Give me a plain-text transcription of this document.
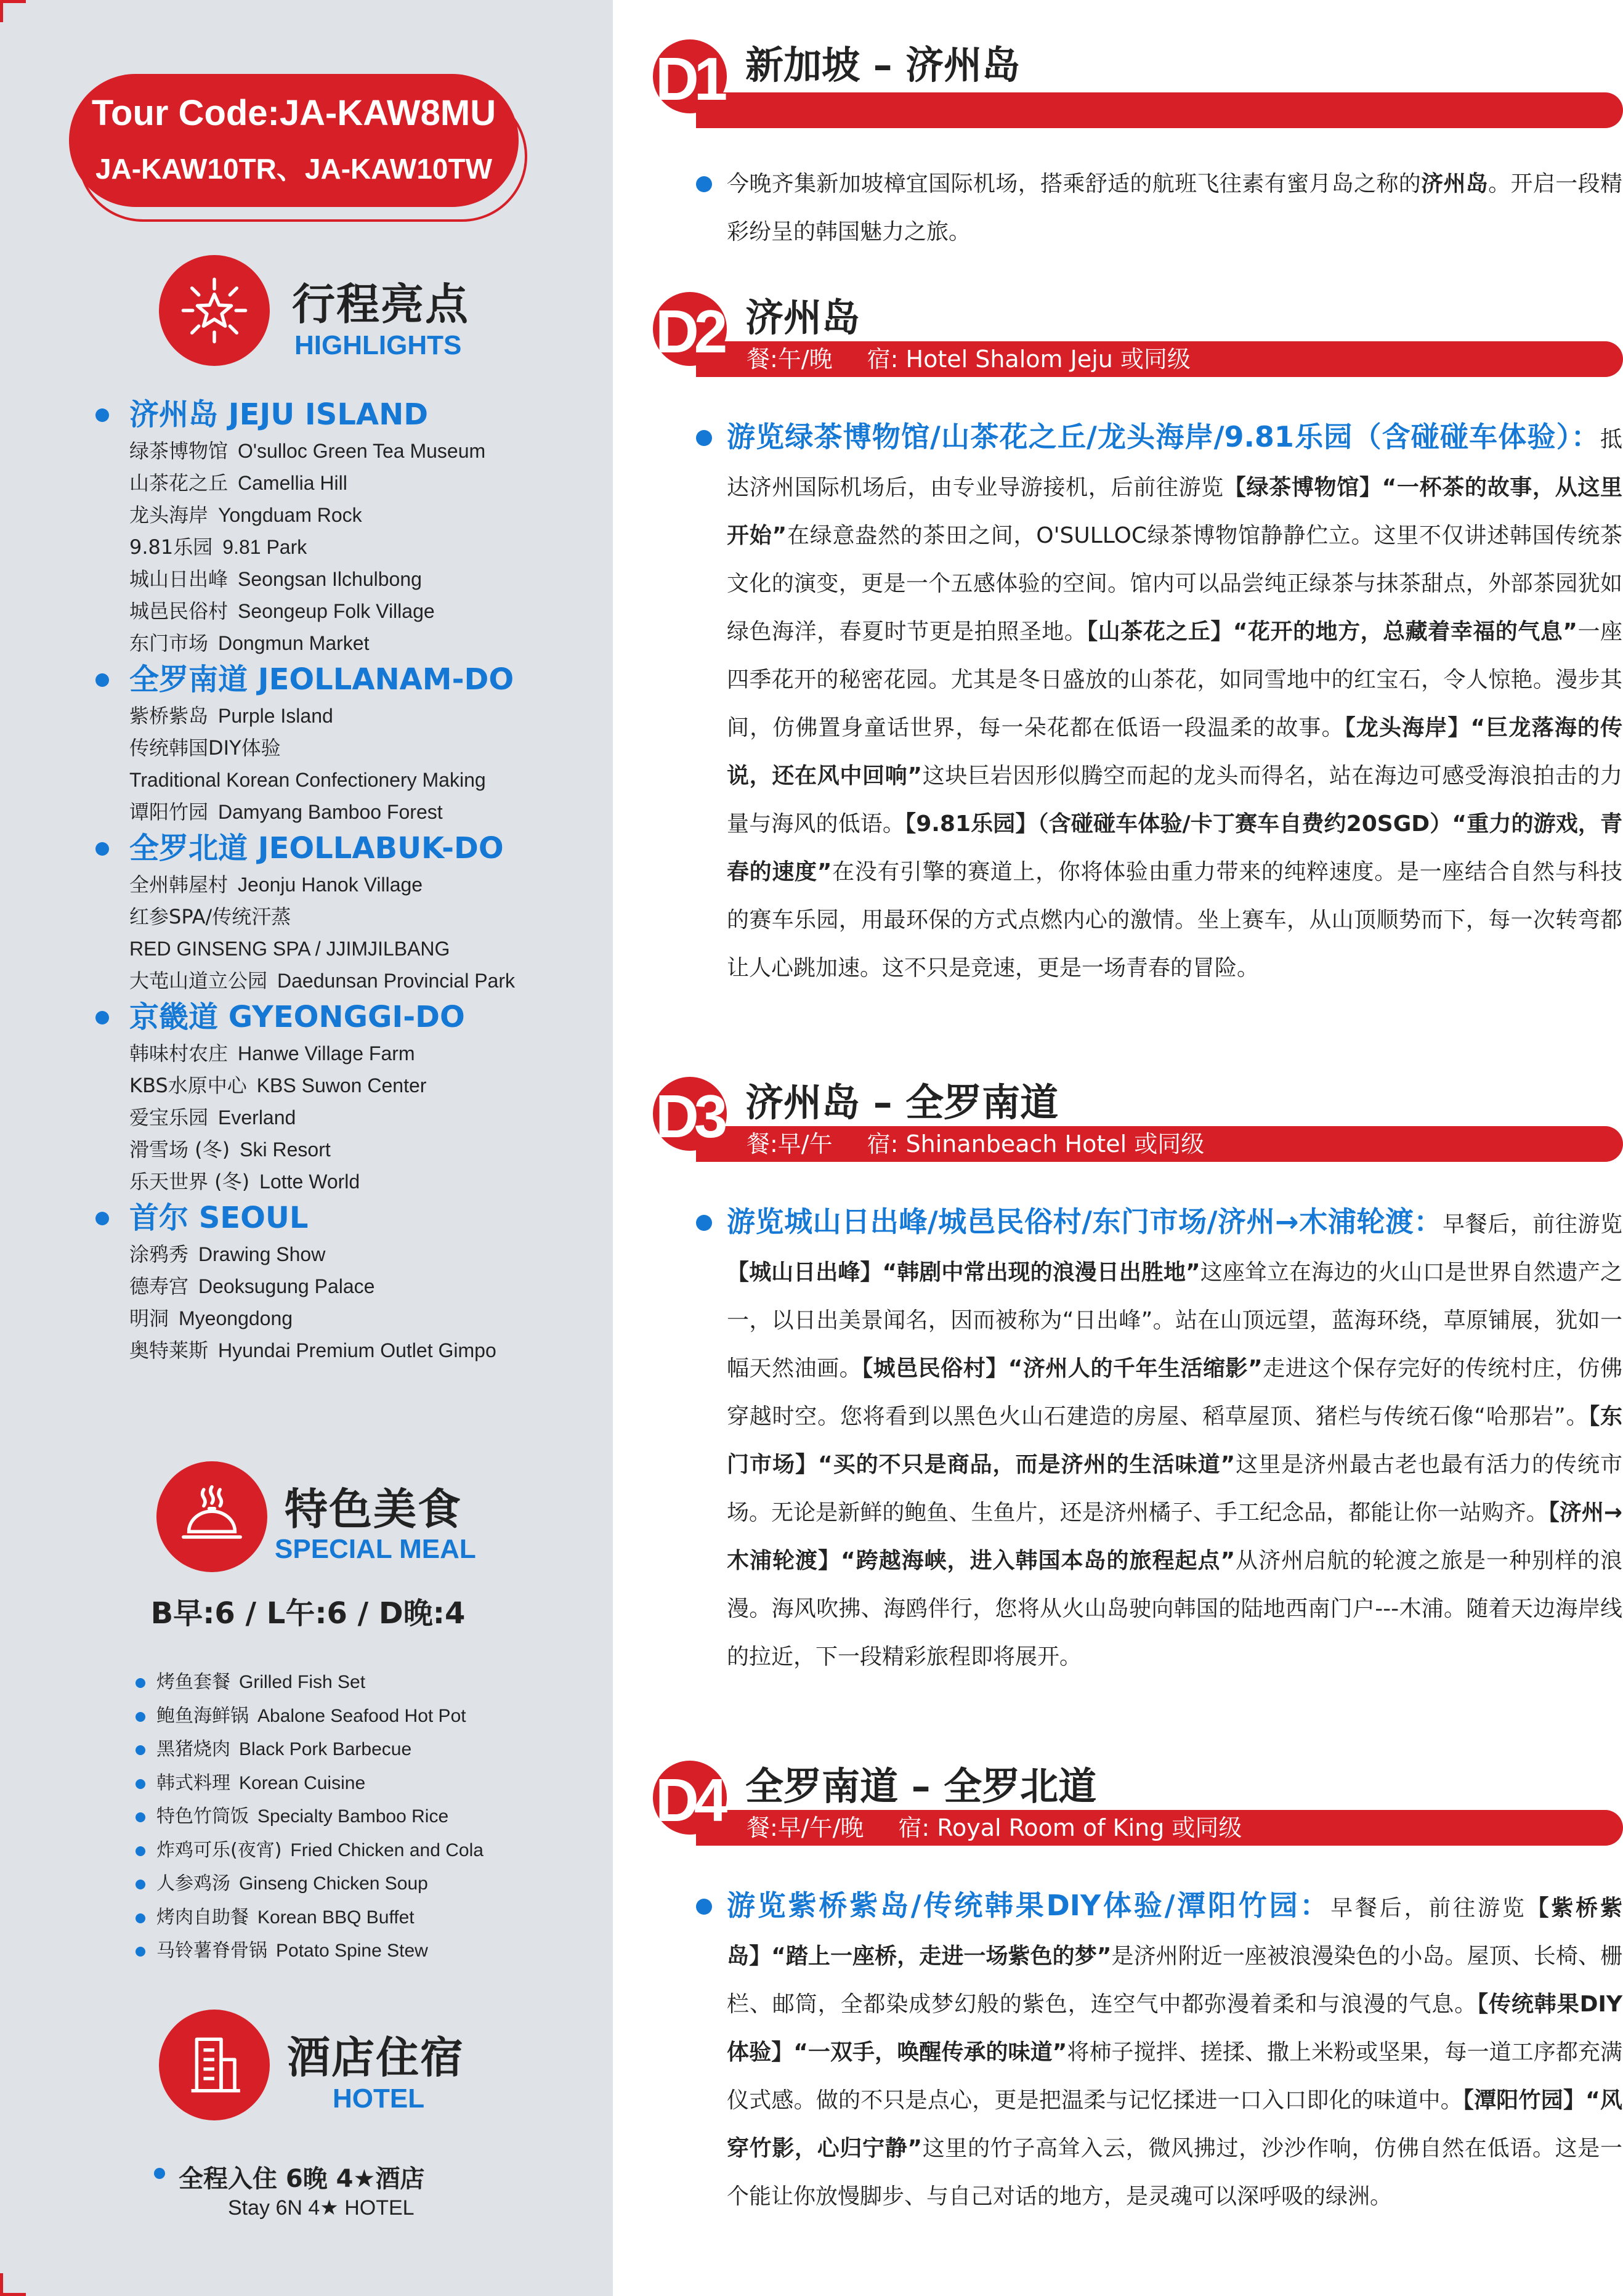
Tour Code:JA-KAW8MU
JA-KAW10TR、JA-KAW10TW
行程亮点
HIGHLIGHTS
济州岛 JEJU ISLAND
绿茶博物馆 O'sulloc Green Tea Museum
山茶花之丘 Camellia Hill
龙头海岸 Yongduam Rock
9.81乐园 9.81 Park
城山日出峰 Seongsan Ilchulbong
城邑民俗村 Seongeup Folk Village
东门市场 Dongmun Market
全罗南道 JEOLLANAM-DO
紫桥紫岛 Purple Island
传统韩国DIY体验
Traditional Korean Confectionery Making
谭阳竹园 Damyang Bamboo Forest
全罗北道 JEOLLABUK-DO
全州韩屋村 Jeonju Hanok Village
红参SPA/传统汗蒸
RED GINSENG SPA / JJIMJILBANG
大芚山道立公园 Daedunsan Provincial Park
京畿道 GYEONGGI-DO
韩味村农庄 Hanwe Village Farm
KBS水原中心 KBS Suwon Center
爱宝乐园 Everland
滑雪场 (冬) Ski Resort
乐天世界 (冬) Lotte World
首尔 SEOUL
涂鸦秀 Drawing Show
德寿宫 Deoksugung Palace
明洞 Myeongdong
奥特莱斯 Hyundai Premium Outlet Gimpo
特色美食
SPECIAL MEAL
B早:6 / L午:6 / D晚:4
烤鱼套餐 Grilled Fish Set
鲍鱼海鲜锅 Abalone Seafood Hot Pot
黑猪烧肉 Black Pork Barbecue
韩式料理 Korean Cuisine
特色竹筒饭 Specialty Bamboo Rice
炸鸡可乐(夜宵) Fried Chicken and Cola
人参鸡汤 Ginseng Chicken Soup
烤肉自助餐 Korean BBQ Buffet
马铃薯脊骨锅 Potato Spine Stew
酒店住宿
HOTEL
全程入住 6晚 4★酒店
Stay 6N 4★ HOTEL
D1 新加坡 – 济州岛
今晚齐集新加坡樟宜国际机场，搭乘舒适的航班飞往素有蜜月岛之称的济州岛。开启一段精彩纷呈的韩国魅力之旅。
餐:午/晚 宿: Hotel Shalom Jeju 或同级
D2 济州岛
游览绿茶博物馆/山茶花之丘/龙头海岸/9.81乐园（含碰碰车体验）：抵达济州国际机场后，由专业导游接机，后前往游览【绿茶博物馆】“一杯茶的故事，从这里开始”在绿意盎然的茶田之间，O'SULLOC绿茶博物馆静静伫立。这里不仅讲述韩国传统茶文化的演变，更是一个五感体验的空间。馆内可以品尝纯正绿茶与抹茶甜点，外部茶园犹如绿色海洋，春夏时节更是拍照圣地。【山茶花之丘】“花开的地方，总藏着幸福的气息”一座四季花开的秘密花园。尤其是冬日盛放的山茶花，如同雪地中的红宝石，令人惊艳。漫步其间，仿佛置身童话世界，每一朵花都在低语一段温柔的故事。【龙头海岸】“巨龙落海的传说，还在风中回响”这块巨岩因形似腾空而起的龙头而得名，站在海边可感受海浪拍击的力量与海风的低语。【9.81乐园】（含碰碰车体验/卡丁赛车自费约20SGD）“重力的游戏，青春的速度”在没有引擎的赛道上，你将体验由重力带来的纯粹速度。是一座结合自然与科技的赛车乐园，用最环保的方式点燃内心的激情。坐上赛车，从山顶顺势而下，每一次转弯都让人心跳加速。这不只是竞速，更是一场青春的冒险。
餐:早/午 宿: Shinanbeach Hotel 或同级
D3 济州岛 – 全罗南道
游览城山日出峰/城邑民俗村/东门市场/济州→木浦轮渡：早餐后，前往游览【城山日出峰】“韩剧中常出现的浪漫日出胜地”这座耸立在海边的火山口是世界自然遗产之一，以日出美景闻名，因而被称为“日出峰”。站在山顶远望，蓝海环绕，草原铺展，犹如一幅天然油画。【城邑民俗村】“济州人的千年生活缩影”走进这个保存完好的传统村庄，仿佛穿越时空。您将看到以黑色火山石建造的房屋、稻草屋顶、猪栏与传统石像“哈那岩”。【东门市场】“买的不只是商品，而是济州的生活味道”这里是济州最古老也最有活力的传统市场。无论是新鲜的鲍鱼、生鱼片，还是济州橘子、手工纪念品，都能让你一站购齐。【济州→木浦轮渡】“跨越海峡，进入韩国本岛的旅程起点”从济州启航的轮渡之旅是一种别样的浪漫。海风吹拂、海鸥伴行，您将从火山岛驶向韩国的陆地西南门户---木浦。随着天边海岸线的拉近，下一段精彩旅程即将展开。
餐:早/午/晚 宿: Royal Room of King 或同级
D4 全罗南道 – 全罗北道
游览紫桥紫岛/传统韩果DIY体验/潭阳竹园：早餐后，前往游览【紫桥紫岛】“踏上一座桥，走进一场紫色的梦”是济州附近一座被浪漫染色的小岛。屋顶、长椅、栅栏、邮筒，全都染成梦幻般的紫色，连空气中都弥漫着柔和与浪漫的气息。【传统韩果DIY体验】“一双手，唤醒传承的味道”将柿子搅拌、搓揉、撒上米粉或坚果，每一道工序都充满仪式感。做的不只是点心，更是把温柔与记忆揉进一口入口即化的味道中。【潭阳竹园】“风穿竹影，心归宁静”这里的竹子高耸入云，微风拂过，沙沙作响，仿佛自然在低语。这是一个能让你放慢脚步、与自己对话的地方，是灵魂可以深呼吸的绿洲。
